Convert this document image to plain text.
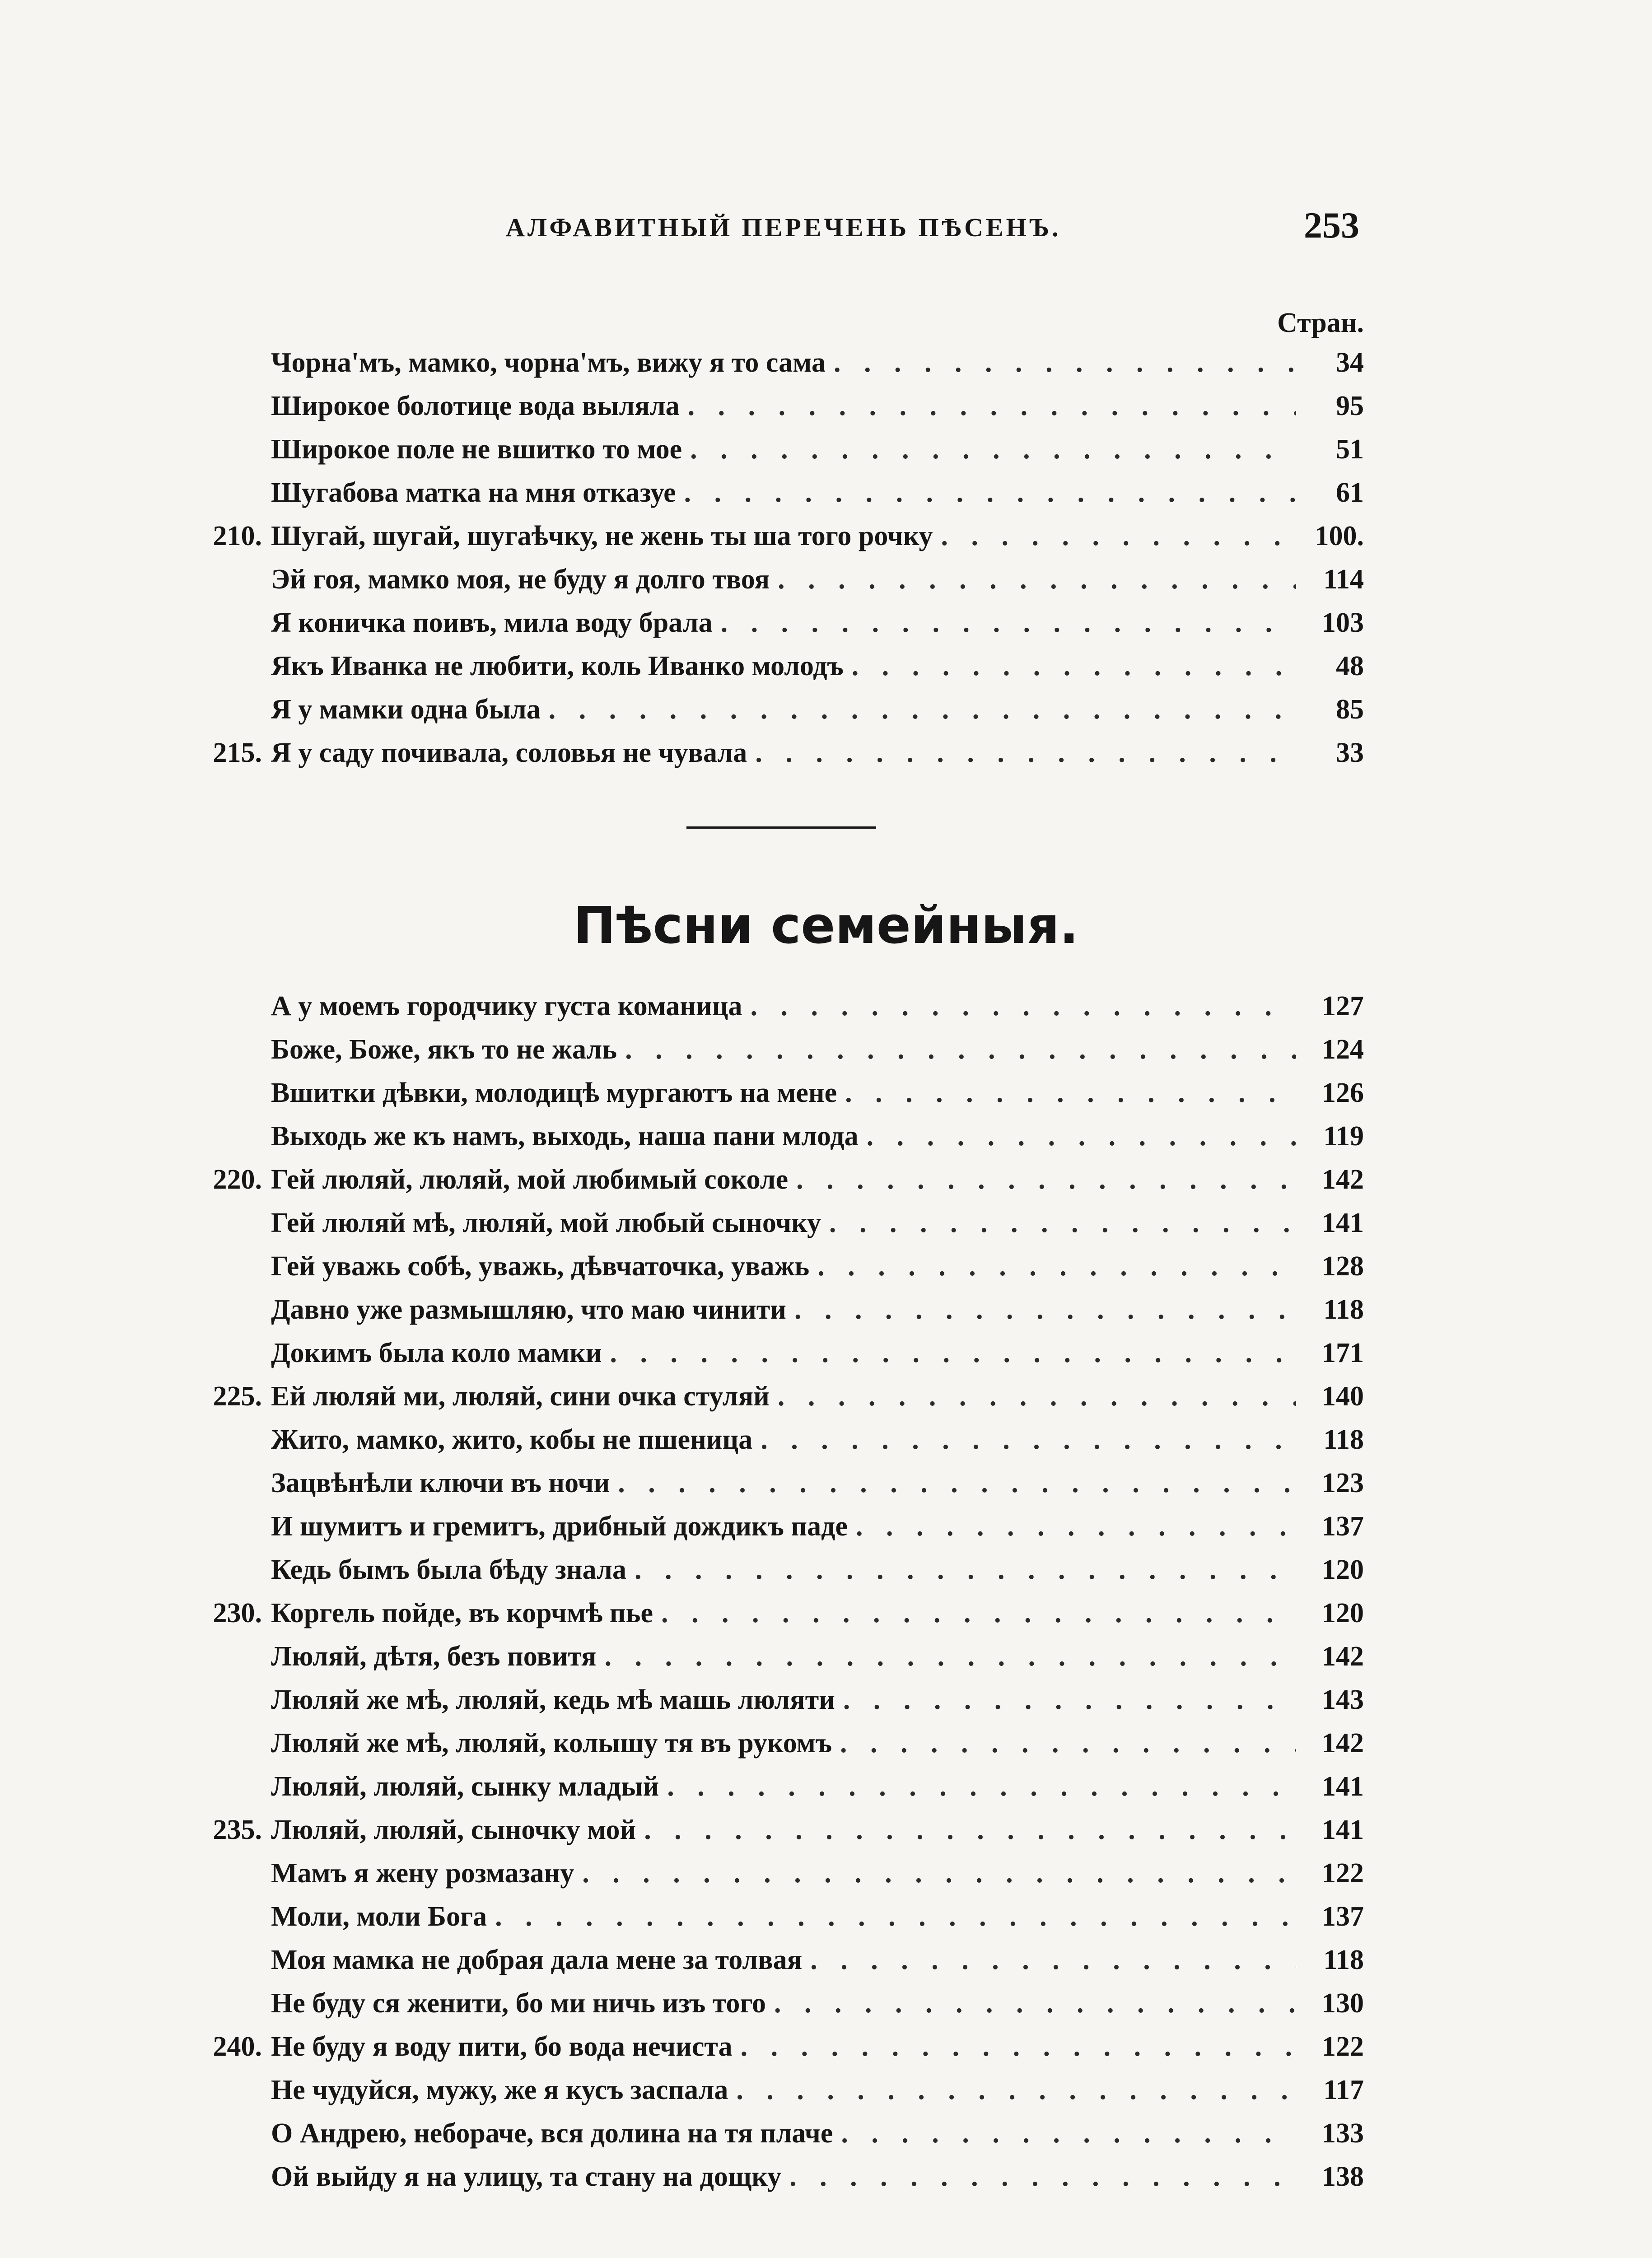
АЛФАВИТНЫЙ ПЕРЕЧЕНЬ ПѢСЕНЪ.	253
Стран.
Чорна'мъ, мамко, чорна'мъ, вижу я то сама . . .	34
Широкое болотице вода выляла . . .	95
Широкое поле не вшитко то мое . . .	51
Шугабова матка на мня отказуе . . .	61
210. Шугай, шугай, шугаѣчку, не жень ты ша того рочку . . .	100.
Эй гоя, мамко моя, не буду я долго твоя . . .	114
Я коничка поивъ, мила воду брала . . .	103
Якъ Иванка не любити, коль Иванко молодъ . . .	48
Я у мамки одна была . . .	85
215. Я у саду почивала, соловья не чувала . . .	33
Пѣсни семейныя.
А у моемъ городчику густа команица . . .	127
Боже, Боже, якъ то не жаль . . .	124
Вшитки дѣвки, молодицѣ мургаютъ на мене . . .	126
Выходь же къ намъ, выходь, наша пани млода . . .	119
220. Гей люляй, люляй, мой любимый соколе . . .	142
Гей люляй мѣ, люляй, мой любый сыночку . . .	141
Гей уважь собѣ, уважь, дѣвчаточка, уважь . . .	128
Давно уже размышляю, что маю чинити . . .	118
Докимъ была коло мамки . . .	171
225. Ей люляй ми, люляй, сини очка стуляй . . .	140
Жито, мамко, жито, кобы не пшеница . . .	118
Зацвѣнѣли ключи въ ночи . . .	123
И шумитъ и гремитъ, дрибный дождикъ паде . . .	137
Кедь бымъ была бѣду знала . . .	120
230. Коргель пойде, въ корчмѣ пье . . .	120
Люляй, дѣтя, безъ повитя . . .	142
Люляй же мѣ, люляй, кедь мѣ машь люляти . . .	143
Люляй же мѣ, люляй, колышу тя въ рукомъ . . .	142
Люляй, люляй, сынку младый . . .	141
235. Люляй, люляй, сыночку мой . . .	141
Мамъ я жену розмазану . . .	122
Моли, моли Бога . . .	137
Моя мамка не добрая дала мене за толвая . . .	118
Не буду ся женити, бо ми ничь изъ того . . .	130
240. Не буду я воду пити, бо вода нечиста . . .	122
Не чудуйся, мужу, же я кусъ заспала . . .	117
О Андрею, небораче, вся долина на тя плаче . . .	133
Ой выйду я на улицу, та стану на дощку . . .	138
